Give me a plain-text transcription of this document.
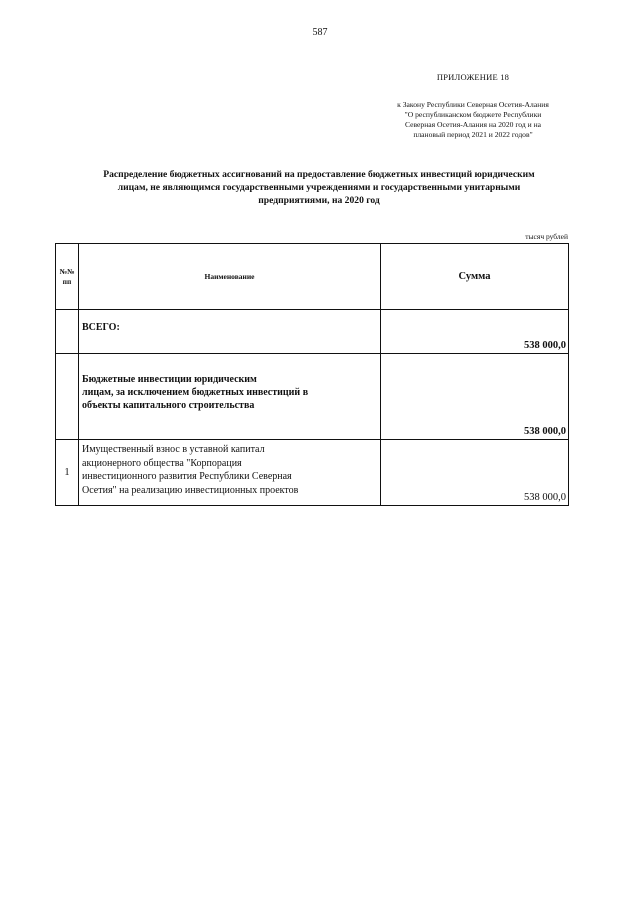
587
ПРИЛОЖЕНИЕ 18
к Закону Республики Северная Осетия-Алания
"О республиканском бюджете Республики
Северная Осетия-Алания на 2020 год и на
плановый период 2021 и 2022 годов"
Распределение бюджетных ассигнований на предоставление бюджетных инвестиций юридическим
лицам, не являющимся государственными учреждениями и государственными унитарными
предприятиями, на 2020 год
тысяч рублей
№№
пп	Наименование	Сумма
	ВСЕГО:	538 000,0

	Бюджетные инвестиции юридическим
лицам, за исключением бюджетных инвестиций в
объекты капитального строительства	538 000,0
1	Имущественный взнос в уставной капитал
акционерного общества "Корпорация
инвестиционного развития Республики Северная
Осетия" на реализацию инвестиционных проектов	538 000,0
